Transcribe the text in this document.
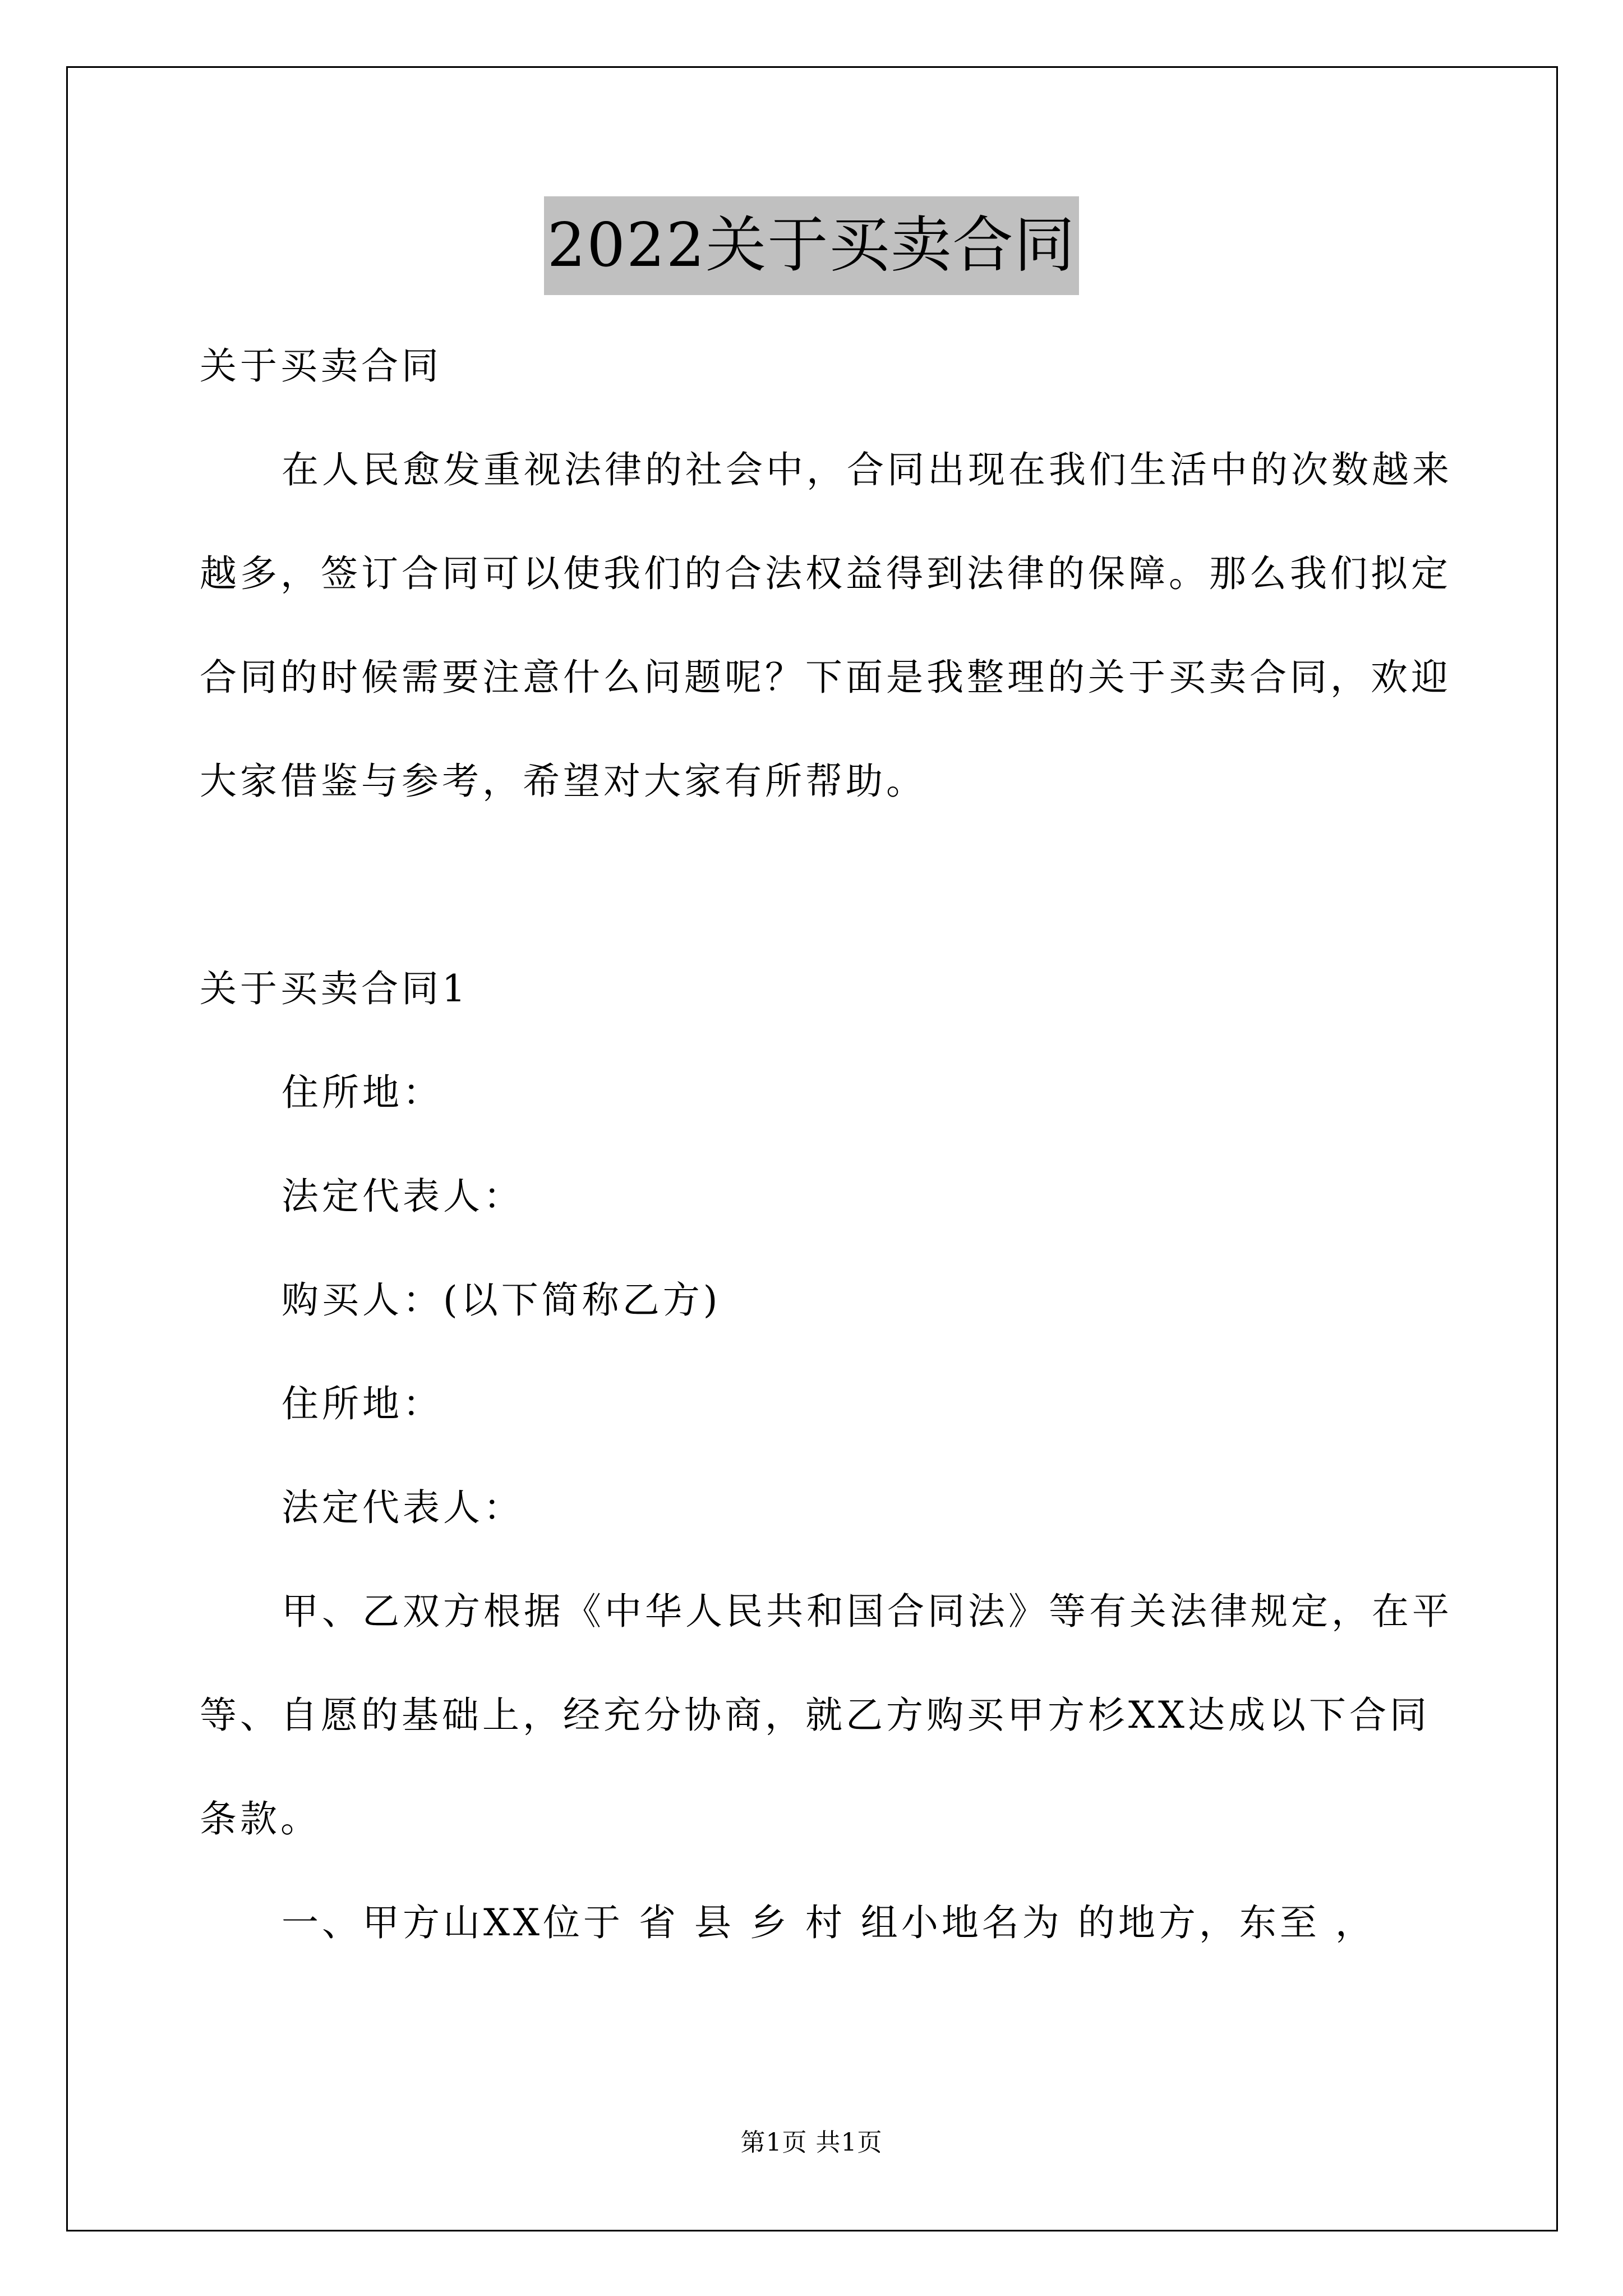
2022关于买卖合同

关于买卖合同

在人民愈发重视法律的社会中，合同出现在我们生活中的次数越来越多，签订合同可以使我们的合法权益得到法律的保障。那么我们拟定合同的时候需要注意什么问题呢？下面是我整理的关于买卖合同，欢迎大家借鉴与参考，希望对大家有所帮助。

关于买卖合同1

住所地：

法定代表人：

购买人：(以下简称乙方)

住所地：

法定代表人：

甲、乙双方根据《中华人民共和国合同法》等有关法律规定，在平等、自愿的基础上，经充分协商，就乙方购买甲方杉XX达成以下合同条款。

一、甲方山XX位于 省 县 乡 村 组小地名为 的地方，东至 ，

第1页 共1页
